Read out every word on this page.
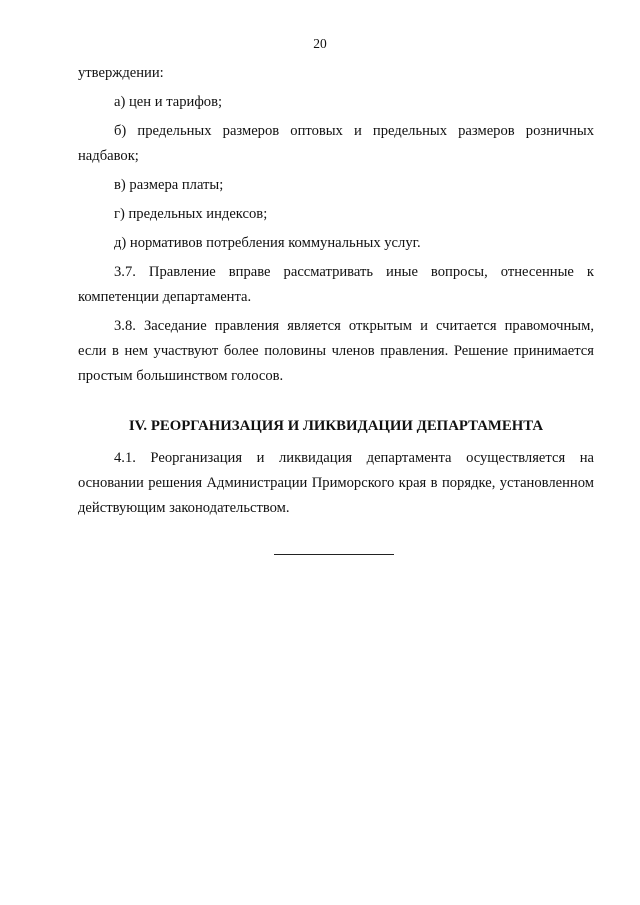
20

утверждении:

а) цен и тарифов;

б) предельных размеров оптовых и предельных размеров розничных надбавок;

в) размера платы;

г) предельных индексов;

д) нормативов потребления коммунальных услуг.

3.7. Правление вправе рассматривать иные вопросы, отнесенные к компетенции департамента.

3.8. Заседание правления является открытым и считается правомочным, если в нем участвуют более половины членов правления. Решение принимается простым большинством голосов.

IV. РЕОРГАНИЗАЦИЯ И ЛИКВИДАЦИИ ДЕПАРТАМЕНТА

4.1. Реорганизация и ликвидация департамента осуществляется на основании решения Администрации Приморского края в порядке, установленном действующим законодательством.
